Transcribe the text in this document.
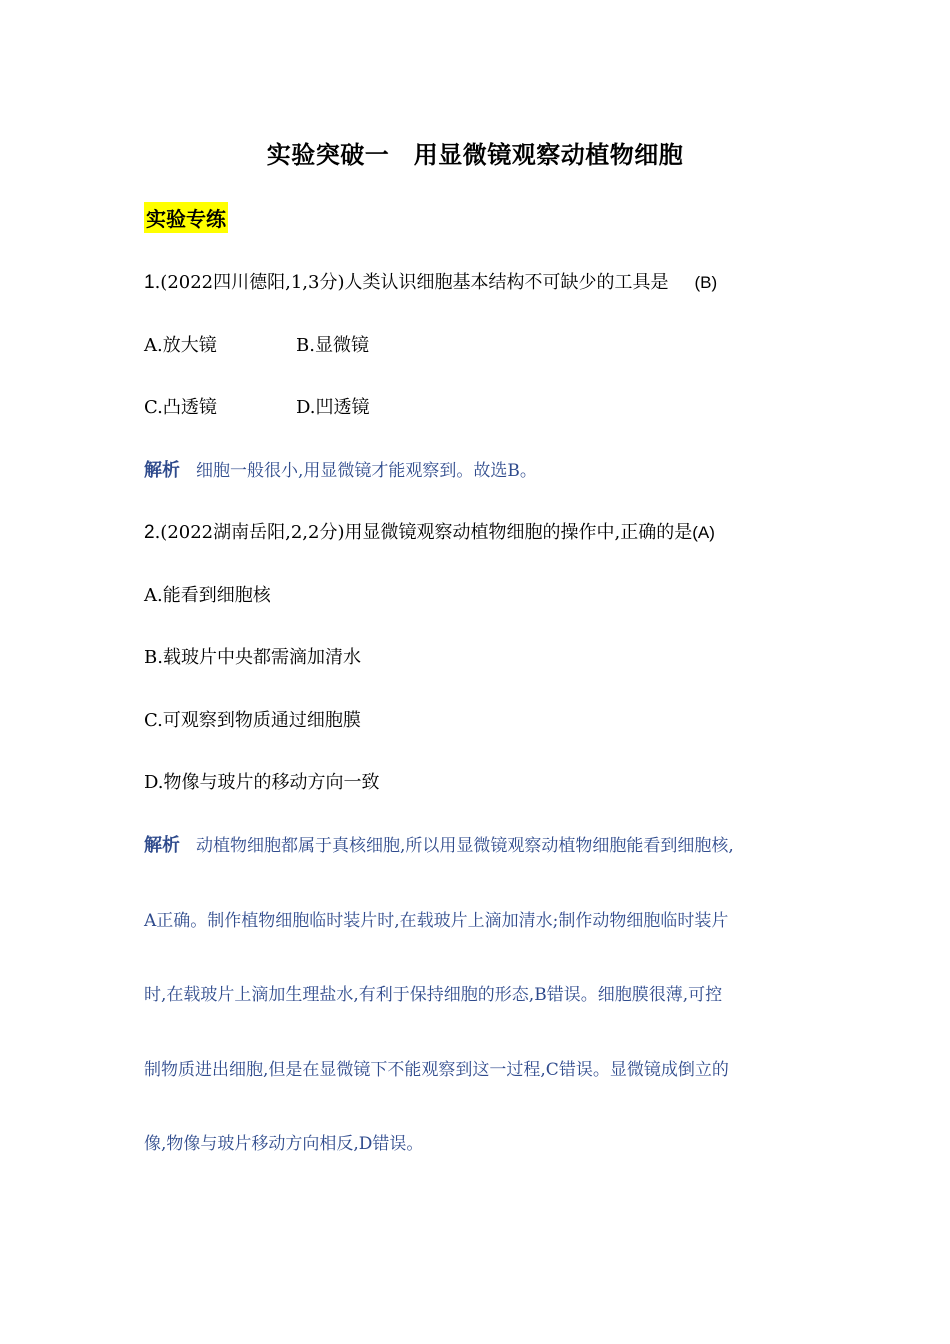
实验突破一　用显微镜观察动植物细胞
实验专练
1.(2022四川德阳,1,3分)人类认识细胞基本结构不可缺少的工具是 (B)
A.放大镜	B.显微镜
C.凸透镜	D.凹透镜
解析 细胞一般很小,用显微镜才能观察到。故选B。
2.(2022湖南岳阳,2,2分)用显微镜观察动植物细胞的操作中,正确的是(A)
A.能看到细胞核
B.载玻片中央都需滴加清水
C.可观察到物质通过细胞膜
D.物像与玻片的移动方向一致
解析 动植物细胞都属于真核细胞,所以用显微镜观察动植物细胞能看到细胞核,
A正确。制作植物细胞临时装片时,在载玻片上滴加清水;制作动物细胞临时装片
时,在载玻片上滴加生理盐水,有利于保持细胞的形态,B错误。细胞膜很薄,可控
制物质进出细胞,但是在显微镜下不能观察到这一过程,C错误。显微镜成倒立的
像,物像与玻片移动方向相反,D错误。
